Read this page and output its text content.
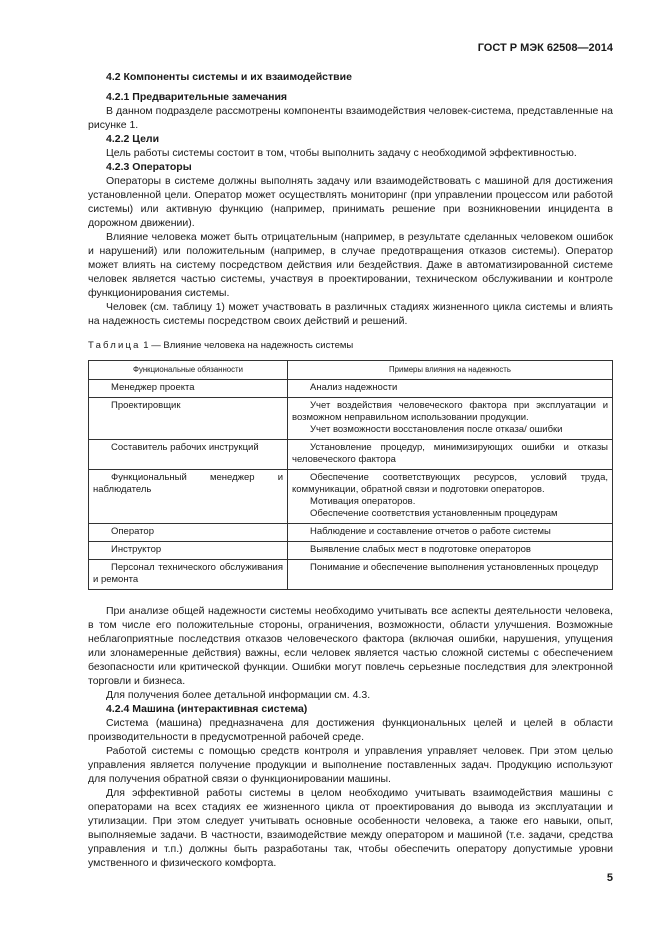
ГОСТ Р МЭК 62508—2014
4.2 Компоненты системы и их взаимодействие
4.2.1 Предварительные замечания

В данном подразделе рассмотрены компоненты взаимодействия человек-система, представленные на рисунке 1.

4.2.2 Цели

Цель работы системы состоит в том, чтобы выполнить задачу с необходимой эффективностью.

4.2.3 Операторы

Операторы в системе должны выполнять задачу или взаимодействовать с машиной для достижения установленной цели. Оператор может осуществлять мониторинг (при управлении процессом или работой системы) или активную функцию (например, принимать решение при возникновении инцидента в дорожном движении).

Влияние человека может быть отрицательным (например, в результате сделанных человеком ошибок и нарушений) или положительным (например, в случае предотвращения отказов системы). Оператор может влиять на систему посредством действия или бездействия. Даже в автоматизированной системе человек является частью системы, участвуя в проектировании, техническом обслуживании и контроле функционирования системы.

Человек (см. таблицу 1) может участвовать в различных стадиях жизненного цикла системы и влиять на надежность системы посредством своих действий и решений.

Таблица 1 — Влияние человека на надежность системы

Функциональные обязанности	Примеры влияния на надежность
Менеджер проекта	Анализ надежности

Проектировщик	Учет воздействия человеческого фактора при эксплуатации и возможном неправильном использовании продукции.
Учет возможности восстановления после отказа/ ошибки

Составитель рабочих инструкций	Установление процедур, минимизирующих ошибки и отказы человеческого фактора

Функциональный менеджер и наблюдатель	Обеспечение соответствующих ресурсов, условий труда, коммуникации, обратной связи и подготовки операторов.
Мотивация операторов.
Обеспечение соответствия установленным процедурам

Оператор	Наблюдение и составление отчетов о работе системы

Инструктор	Выявление слабых мест в подготовке операторов

Персонал технического обслуживания и ремонта	Понимание и обеспечение выполнения установленных процедур

При анализе общей надежности системы необходимо учитывать все аспекты деятельности человека, в том числе его положительные стороны, ограничения, возможности, области улучшения. Возможные неблагоприятные последствия отказов человеческого фактора (включая ошибки, нарушения, упущения или злонамеренные действия) важны, если человек является частью сложной системы с обеспечением безопасности или критической функции. Ошибки могут повлечь серьезные последствия для электронной торговли и бизнеса.

Для получения более детальной информации см. 4.3.

4.2.4 Машина (интерактивная система)

Система (машина) предназначена для достижения функциональных целей и целей в области производительности в предусмотренной рабочей среде.

Работой системы с помощью средств контроля и управления управляет человек. При этом целью управления является получение продукции и выполнение поставленных задач. Продукцию используют для получения обратной связи о функционировании машины.

Для эффективной работы системы в целом необходимо учитывать взаимодействия машины с операторами на всех стадиях ее жизненного цикла от проектирования до вывода из эксплуатации и утилизации. При этом следует учитывать основные особенности человека, а также его навыки, опыт, выполняемые задачи. В частности, взаимодействие между оператором и машиной (т.е. задачи, средства управления и т.п.) должны быть разработаны так, чтобы обеспечить оператору допустимые уровни умственного и физического комфорта.

5
